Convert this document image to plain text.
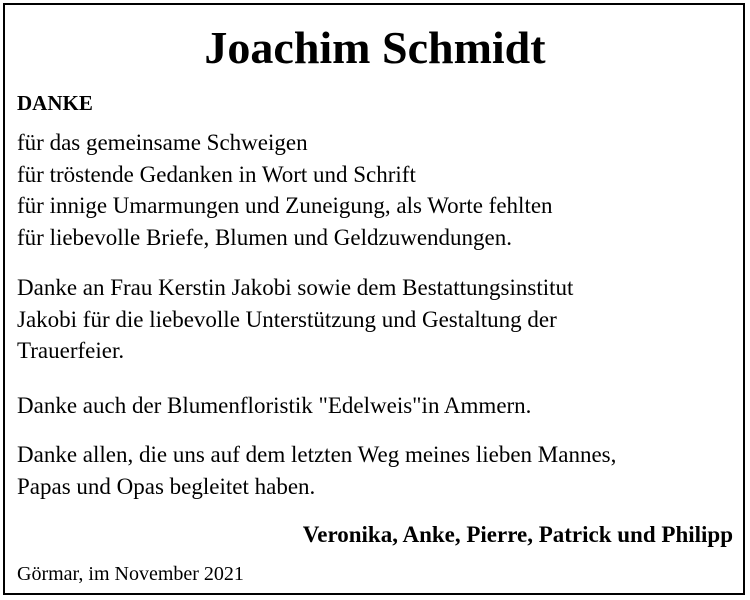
Joachim Schmidt

DANKE

für das gemeinsame Schweigen
für tröstende Gedanken in Wort und Schrift
für innige Umarmungen und Zuneigung, als Worte fehlten
für liebevolle Briefe, Blumen und Geldzuwendungen.

Danke an Frau Kerstin Jakobi sowie dem Bestattungsinstitut
Jakobi für die liebevolle Unterstützung und Gestaltung der
Trauerfeier.

Danke auch der Blumenfloristik "Edelweis"in Ammern.

Danke allen, die uns auf dem letzten Weg meines lieben Mannes,
Papas und Opas begleitet haben.

Veronika, Anke, Pierre, Patrick und Philipp

Görmar, im November 2021
